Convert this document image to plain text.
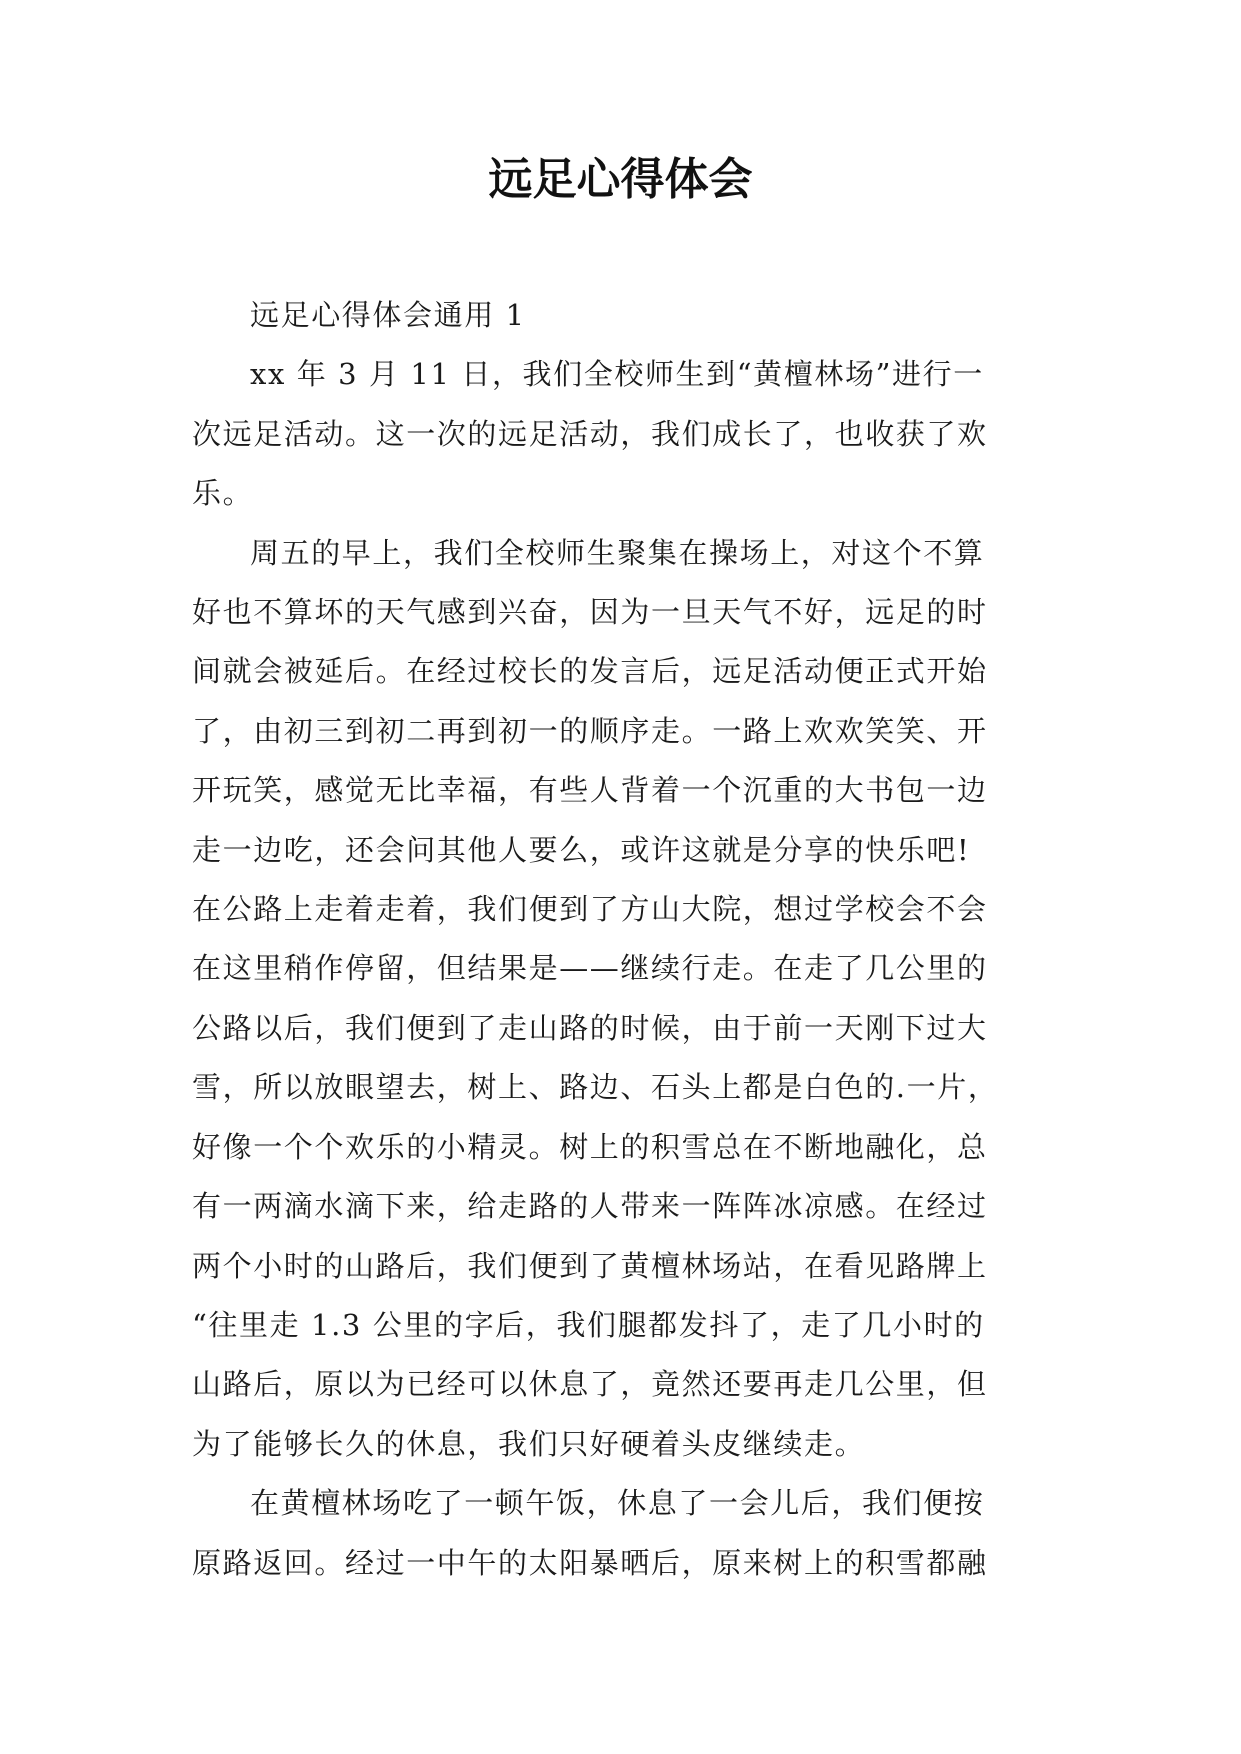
远足心得体会

远足心得体会通用 1

xx 年 3 月 11 日，我们全校师生到“黄檀林场”进行一
次远足活动。这一次的远足活动，我们成长了，也收获了欢
乐。

周五的早上，我们全校师生聚集在操场上，对这个不算
好也不算坏的天气感到兴奋，因为一旦天气不好，远足的时
间就会被延后。在经过校长的发言后，远足活动便正式开始
了，由初三到初二再到初一的顺序走。一路上欢欢笑笑、开
开玩笑，感觉无比幸福，有些人背着一个沉重的大书包一边
走一边吃，还会问其他人要么，或许这就是分享的快乐吧!
在公路上走着走着，我们便到了方山大院，想过学校会不会
在这里稍作停留，但结果是——继续行走。在走了几公里的
公路以后，我们便到了走山路的时候，由于前一天刚下过大
雪，所以放眼望去，树上、路边、石头上都是白色的.一片，
好像一个个欢乐的小精灵。树上的积雪总在不断地融化，总
有一两滴水滴下来，给走路的人带来一阵阵冰凉感。在经过
两个小时的山路后，我们便到了黄檀林场站，在看见路牌上
“往里走 1.3 公里的字后，我们腿都发抖了，走了几小时的
山路后，原以为已经可以休息了，竟然还要再走几公里，但
为了能够长久的休息，我们只好硬着头皮继续走。

在黄檀林场吃了一顿午饭，休息了一会儿后，我们便按
原路返回。经过一中午的太阳暴晒后，原来树上的积雪都融
